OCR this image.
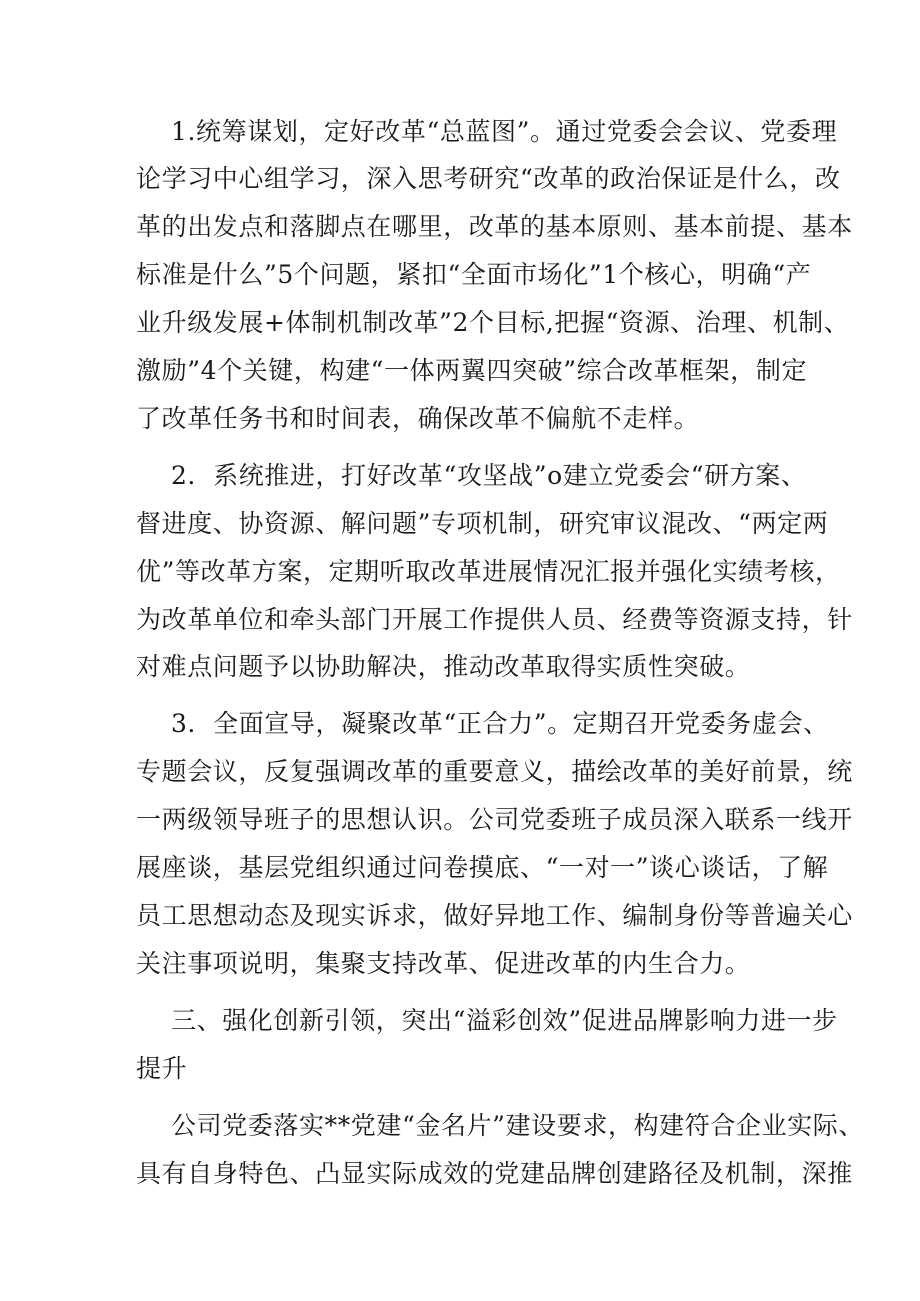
1.统筹谋划，定好改革“总蓝图”。通过党委会会议、党委理
论学习中心组学习，深入思考研究“改革的政治保证是什么，改
革的出发点和落脚点在哪里，改革的基本原则、基本前提、基本
标准是什么”5个问题，紧扣“全面市场化”1个核心，明确“产
业升级发展+体制机制改革”2个目标,把握“资源、治理、机制、
激励”4个关键，构建“一体两翼四突破”综合改革框架，制定
了改革任务书和时间表，确保改革不偏航不走样。
2．系统推进，打好改革“攻坚战”o建立党委会“研方案、
督进度、协资源、解问题”专项机制，研究审议混改、“两定两
优”等改革方案，定期听取改革进展情况汇报并强化实绩考核，
为改革单位和牵头部门开展工作提供人员、经费等资源支持，针
对难点问题予以协助解决，推动改革取得实质性突破。
3．全面宣导，凝聚改革“正合力”。定期召开党委务虚会、
专题会议，反复强调改革的重要意义，描绘改革的美好前景，统
一两级领导班子的思想认识。公司党委班子成员深入联系一线开
展座谈，基层党组织通过问卷摸底、“一对一”谈心谈话，了解
员工思想动态及现实诉求，做好异地工作、编制身份等普遍关心
关注事项说明，集聚支持改革、促进改革的内生合力。
三、强化创新引领，突出“溢彩创效”促进品牌影响力进一步
提升
公司党委落实**党建“金名片”建设要求，构建符合企业实际、
具有自身特色、凸显实际成效的党建品牌创建路径及机制，深推
